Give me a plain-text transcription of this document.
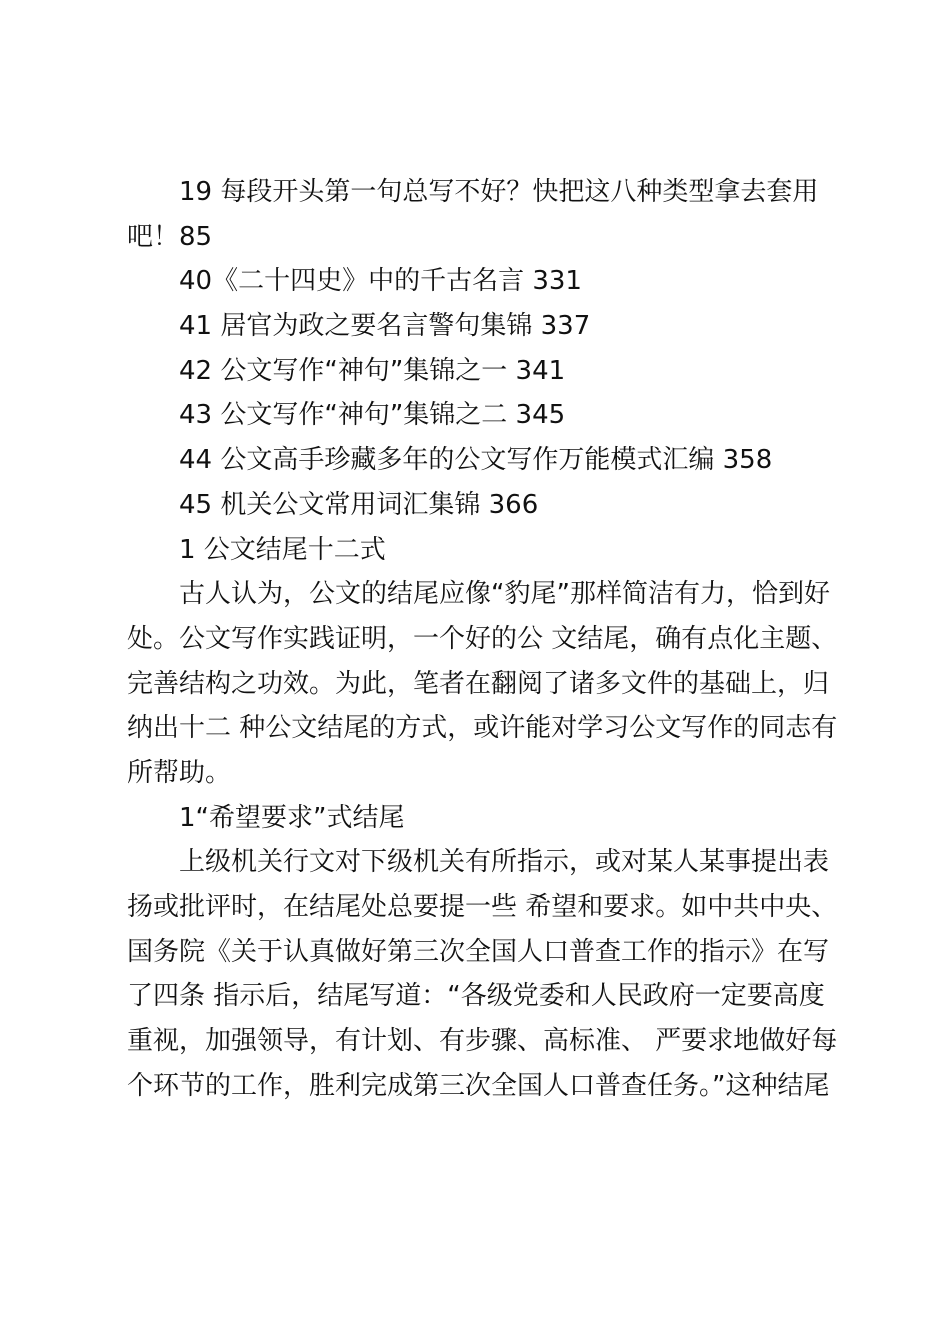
19 每段开头第一句总写不好？快把这八种类型拿去套用
吧！85
40《二十四史》中的千古名言 331
41 居官为政之要名言警句集锦 337
42 公文写作“神句”集锦之一 341
43 公文写作“神句”集锦之二 345
44 公文高手珍藏多年的公文写作万能模式汇编 358
45 机关公文常用词汇集锦 366
1 公文结尾十二式
古人认为，公文的结尾应像“豹尾”那样简洁有力，恰到好
处。公文写作实践证明，一个好的公 文结尾，确有点化主题、
完善结构之功效。为此，笔者在翻阅了诸多文件的基础上，归
纳出十二 种公文结尾的方式，或许能对学习公文写作的同志有
所帮助。
1“希望要求”式结尾
上级机关行文对下级机关有所指示，或对某人某事提出表
扬或批评时，在结尾处总要提一些 希望和要求。如中共中央、
国务院《关于认真做好第三次全国人口普查工作的指示》在写
了四条 指示后，结尾写道：“各级党委和人民政府一定要高度
重视，加强领导，有计划、有步骤、高标准、 严要求地做好每
个环节的工作，胜利完成第三次全国人口普查任务。”这种结尾
